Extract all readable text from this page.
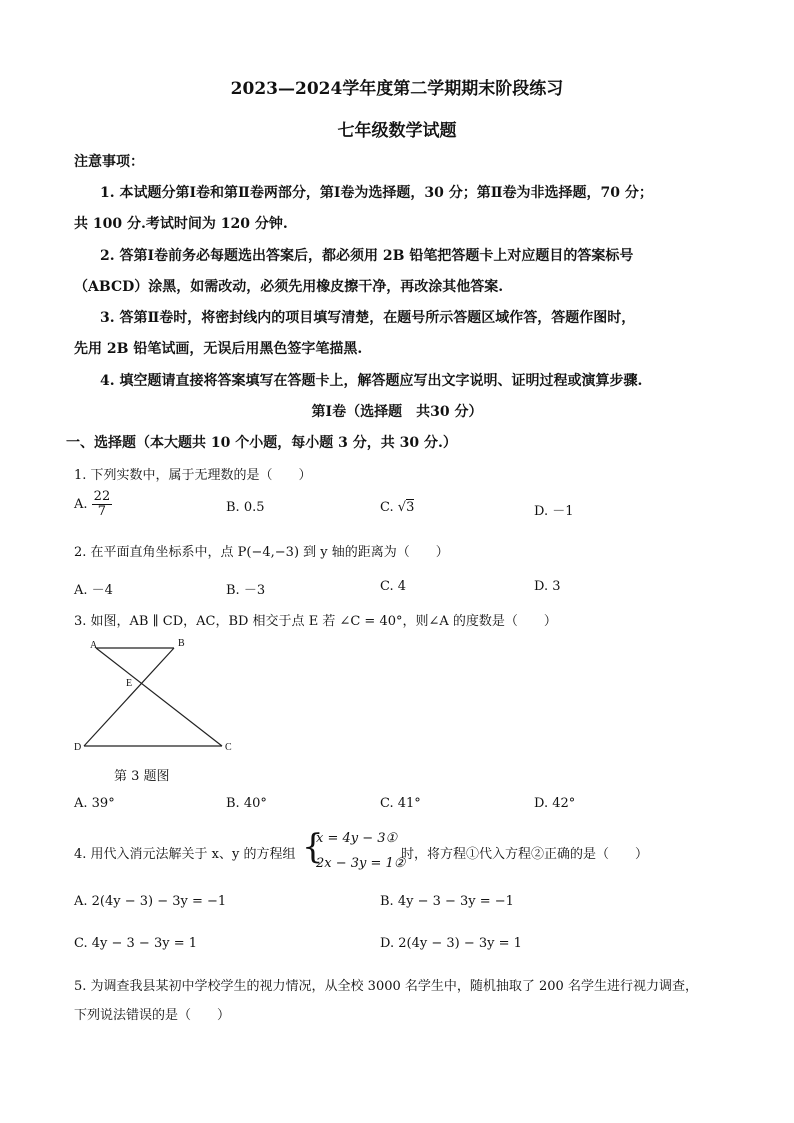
2023—2024学年度第二学期期末阶段练习
七年级数学试题
注意事项：
1. 本试题分第Ⅰ卷和第Ⅱ卷两部分，第Ⅰ卷为选择题，30 分；第Ⅱ卷为非选择题，70 分；
共 100 分.考试时间为 120 分钟.
2. 答第Ⅰ卷前务必每题选出答案后，都必须用 2B 铅笔把答题卡上对应题目的答案标号
（ABCD）涂黑，如需改动，必须先用橡皮擦干净，再改涂其他答案.
3. 答第Ⅱ卷时，将密封线内的项目填写清楚，在题号所示答题区域作答，答题作图时，
先用 2B 铅笔试画，无误后用黑色签字笔描黑.
4. 填空题请直接将答案填写在答题卡上，解答题应写出文字说明、证明过程或演算步骤.
第Ⅰ卷（选择题　共30 分）
一、选择题（本大题共 10 个小题，每小题 3 分，共 30 分.）
1. 下列实数中，属于无理数的是（　　）
A. $\frac{22}{7}$	B. 0.5	C. √3	D. －1
2. 在平面直角坐标系中，点 P(−4,−3) 到 y 轴的距离为（　　）
A. －4	B. －3	C. 4	D. 3
3. 如图，AB ∥ CD，AC，BD 相交于点 E 若 ∠C = 40°，则∠A 的度数是（　　）
A	B
E
D	C
第 3 题图
A. 39°	B. 40°	C. 41°	D. 42°
4. 用代入消元法解关于 x、y 的方程组 {
x = 4y − 3①
2x − 3y = 1②
时，将方程①代入方程②正确的是（　　）
A. 2(4y − 3) − 3y = −1	B. 4y − 3 − 3y = −1
C. 4y − 3 − 3y = 1	D. 2(4y − 3) − 3y = 1
5. 为调查我县某初中学校学生的视力情况，从全校 3000 名学生中，随机抽取了 200 名学生进行视力调查，
下列说法错误的是（　　）
